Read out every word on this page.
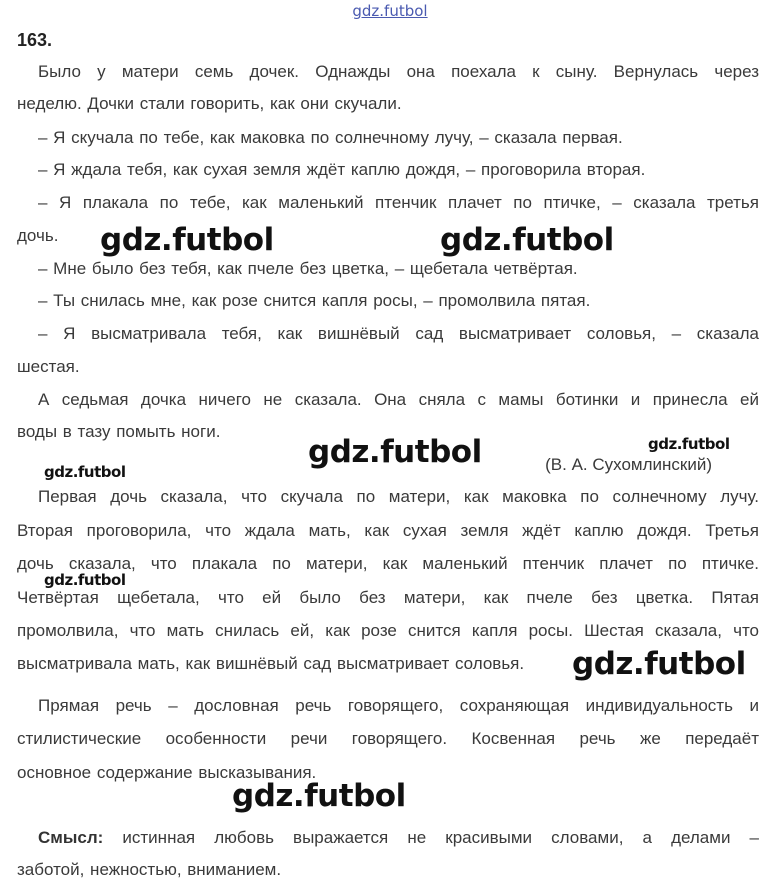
gdz.futbol
163.
Было у матери семь дочек. Однажды она поехала к сыну. Вернулась через
неделю. Дочки стали говорить, как они скучали.
– Я скучала по тебе, как маковка по солнечному лучу, – сказала первая.
– Я ждала тебя, как сухая земля ждёт каплю дождя, – проговорила вторая.
– Я плакала по тебе, как маленький птенчик плачет по птичке, – сказала третья
дочь.
– Мне было без тебя, как пчеле без цветка, – щебетала четвёртая.
– Ты снилась мне, как розе снится капля росы, – промолвила пятая.
– Я высматривала тебя, как вишнёвый сад высматривает соловья, – сказала
шестая.
А седьмая дочка ничего не сказала. Она сняла с мамы ботинки и принесла ей
воды в тазу помыть ноги.
(В. А. Сухомлинский)
Первая дочь сказала, что скучала по матери, как маковка по солнечному лучу.
Вторая проговорила, что ждала мать, как сухая земля ждёт каплю дождя. Третья
дочь сказала, что плакала по матери, как маленький птенчик плачет по птичке.
Четвёртая щебетала, что ей было без матери, как пчеле без цветка. Пятая
промолвила, что мать снилась ей, как розе снится капля росы. Шестая сказала, что
высматривала мать, как вишнёвый сад высматривает соловья.
Прямая речь – дословная речь говорящего, сохраняющая индивидуальность и
стилистические особенности речи говорящего. Косвенная речь же передаёт
основное содержание высказывания.
Смысл: истинная любовь выражается не красивыми словами, а делами –
заботой, нежностью, вниманием.
gdz.futbol	gdz.futbol
gdz.futbol	gdz.futbol
gdz.futbol
gdz.futbol
gdz.futbol
gdz.futbol
